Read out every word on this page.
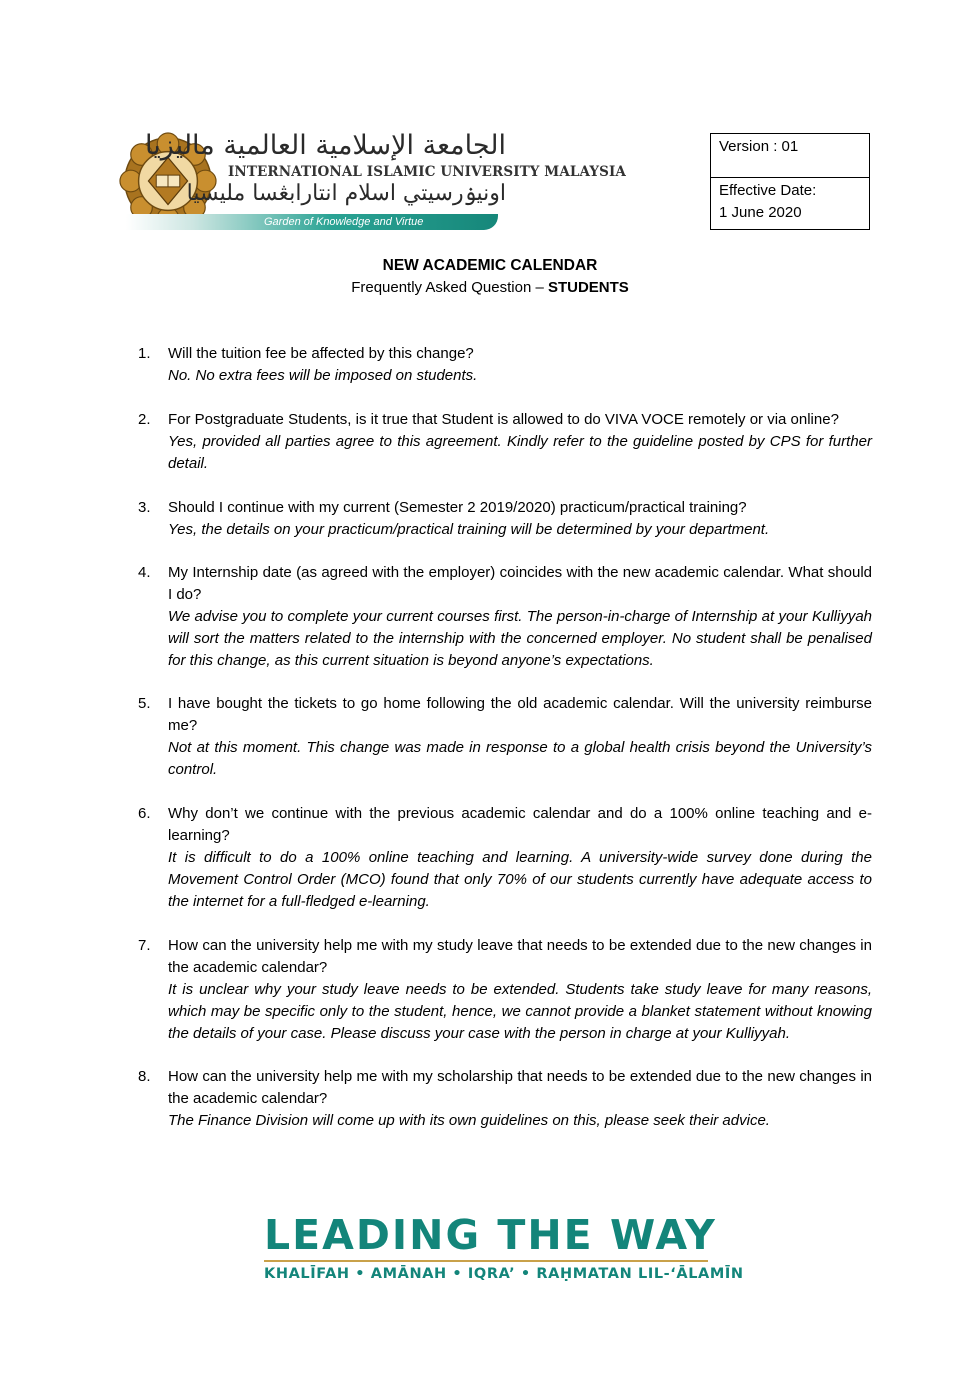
الجامعة الإسلامية العالمية ماليزيا
INTERNATIONAL ISLAMIC UNIVERSITY MALAYSIA
اونيۏرسيتي اسلام انتارابڠسا مليسيا
Garden of Knowledge and Virtue
Version : 01
Effective Date:
1 June 2020
NEW ACADEMIC CALENDAR
Frequently Asked Question – STUDENTS
1. Will the tuition fee be affected by this change?
No. No extra fees will be imposed on students.
2. For Postgraduate Students, is it true that Student is allowed to do VIVA VOCE remotely or via online?
Yes, provided all parties agree to this agreement. Kindly refer to the guideline posted by CPS for further detail.
3. Should I continue with my current (Semester 2 2019/2020) practicum/practical training?
Yes, the details on your practicum/practical training will be determined by your department.
4. My Internship date (as agreed with the employer) coincides with the new academic calendar. What should I do?
We advise you to complete your current courses first. The person-in-charge of Internship at your Kulliyyah will sort the matters related to the internship with the concerned employer. No student shall be penalised for this change, as this current situation is beyond anyone’s expectations.
5. I have bought the tickets to go home following the old academic calendar. Will the university reimburse me?
Not at this moment. This change was made in response to a global health crisis beyond the University’s control.
6. Why don’t we continue with the previous academic calendar and do a 100% online teaching and e-learning?
It is difficult to do a 100% online teaching and learning. A university-wide survey done during the Movement Control Order (MCO) found that only 70% of our students currently have adequate access to the internet for a full-fledged e-learning.
7. How can the university help me with my study leave that needs to be extended due to the new changes in the academic calendar?
It is unclear why your study leave needs to be extended. Students take study leave for many reasons, which may be specific only to the student, hence, we cannot provide a blanket statement without knowing the details of your case. Please discuss your case with the person in charge at your Kulliyyah.
8. How can the university help me with my scholarship that needs to be extended due to the new changes in the academic calendar?
The Finance Division will come up with its own guidelines on this, please seek their advice.
LEADING THE WAY
KHALĪFAH • AMĀNAH • IQRA’ • RAḤMATAN LIL-‘ĀLAMĪN
